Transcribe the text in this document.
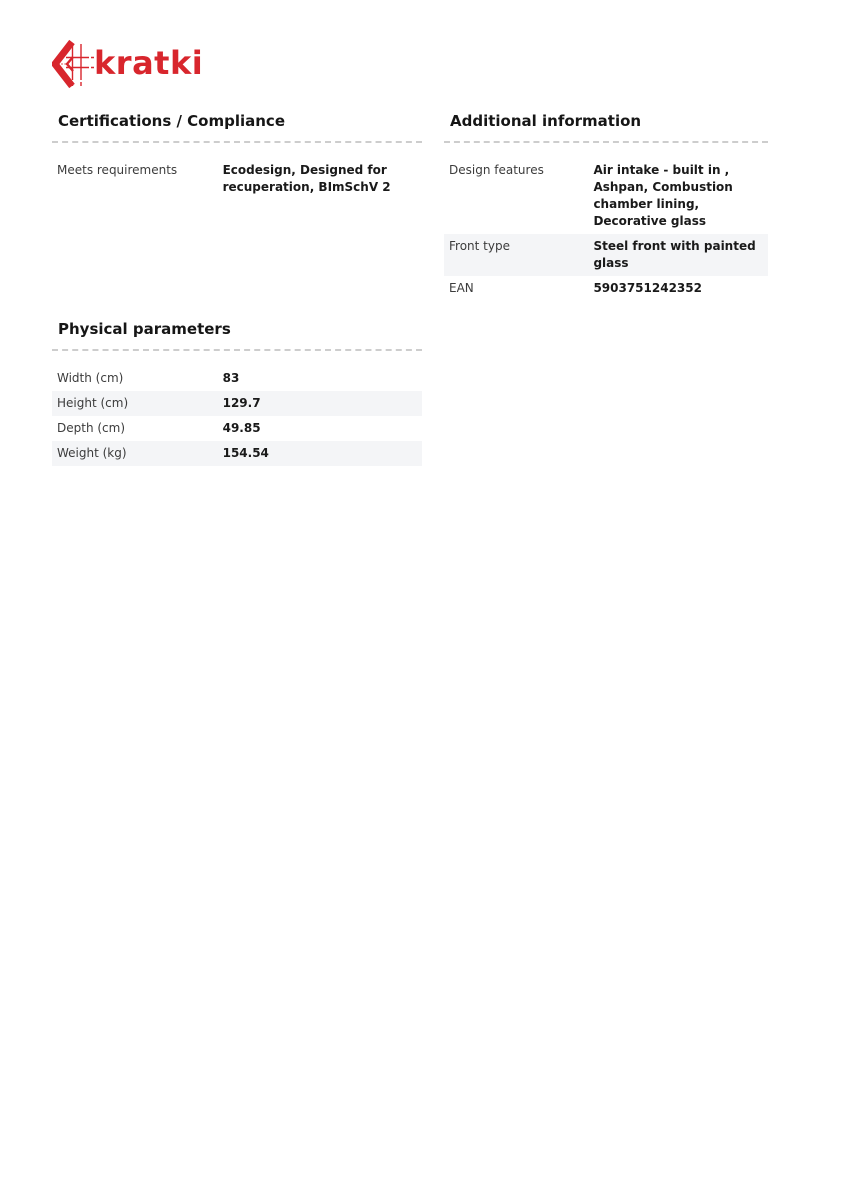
kratki
Certifications / Compliance
Meets requirements	Ecodesign, Designed for recuperation, BImSchV 2
Additional information
Design features	Air intake - built in , Ashpan, Combustion chamber lining, Decorative glass
Front type	Steel front with painted glass
EAN	5903751242352
Physical parameters
Width (cm)	83
Height (cm)	129.7
Depth (cm)	49.85
Weight (kg)	154.54
